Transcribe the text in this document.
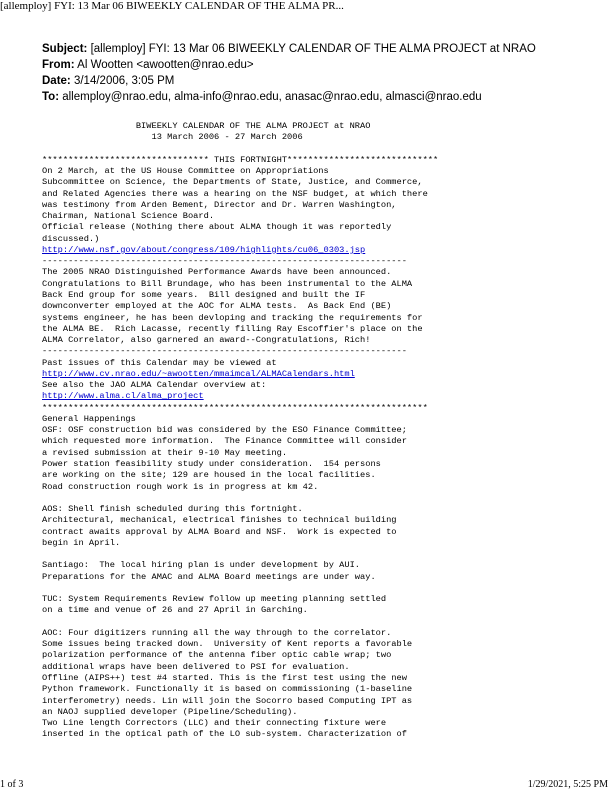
[allemploy] FYI: 13 Mar 06 BIWEEKLY CALENDAR OF THE ALMA PR...
Subject: [allemploy] FYI: 13 Mar 06 BIWEEKLY CALENDAR OF THE ALMA PROJECT at NRAO
From: Al Wootten <awootten@nrao.edu>
Date: 3/14/2006, 3:05 PM
To: allemploy@nrao.edu, alma-info@nrao.edu, anasac@nrao.edu, almasci@nrao.edu
BIWEEKLY CALENDAR OF THE ALMA PROJECT at NRAO
13 March 2006 - 27 March 2006

******************************** THIS FORTNIGHT*****************************
On 2 March, at the US House Committee on Appropriations
Subcommittee on Science, the Departments of State, Justice, and Commerce,
and Related Agencies there was a hearing on the NSF budget, at which there
was testimony from Arden Bement, Director and Dr. Warren Washington,
Chairman, National Science Board.
Official release (Nothing there about ALMA though it was reportedly
discussed.)
http://www.nsf.gov/about/congress/109/highlights/cu06_0303.jsp
----------------------------------------------------------------------
The 2005 NRAO Distinguished Performance Awards have been announced.
Congratulations to Bill Brundage, who has been instrumental to the ALMA
Back End group for some years.  Bill designed and built the IF
downconverter employed at the AOC for ALMA tests.  As Back End (BE)
systems engineer, he has been devloping and tracking the requirements for
the ALMA BE.  Rich Lacasse, recently filling Ray Escoffier's place on the
ALMA Correlator, also garnered an award--Congratulations, Rich!
----------------------------------------------------------------------
Past issues of this Calendar may be viewed at
http://www.cv.nrao.edu/~awootten/mmaimcal/ALMACalendars.html
See also the JAO ALMA Calendar overview at:
http://www.alma.cl/alma_project
**************************************************************************
General Happenings
OSF: OSF construction bid was considered by the ESO Finance Committee;
which requested more information.  The Finance Committee will consider
a revised submission at their 9-10 May meeting.
Power station feasibility study under consideration.  154 persons
are working on the site; 129 are housed in the local facilities.
Road construction rough work is in progress at km 42.

AOS: Shell finish scheduled during this fortnight.
Architectural, mechanical, electrical finishes to technical building
contract awaits approval by ALMA Board and NSF.  Work is expected to
begin in April.

Santiago:  The local hiring plan is under development by AUI.
Preparations for the AMAC and ALMA Board meetings are under way.

TUC: System Requirements Review follow up meeting planning settled
on a time and venue of 26 and 27 April in Garching.

AOC: Four digitizers running all the way through to the correlator.
Some issues being tracked down.  University of Kent reports a favorable
polarization performance of the antenna fiber optic cable wrap; two
additional wraps have been delivered to PSI for evaluation.
Offline (AIPS++) test #4 started. This is the first test using the new
Python framework. Functionally it is based on commissioning (1-baseline
interferometry) needs. Lin will join the Socorro based Computing IPT as
an NAOJ supplied developer (Pipeline/Scheduling).
Two Line length Correctors (LLC) and their connecting fixture were
inserted in the optical path of the LO sub-system. Characterization of
1 of 3	1/29/2021, 5:25 PM
